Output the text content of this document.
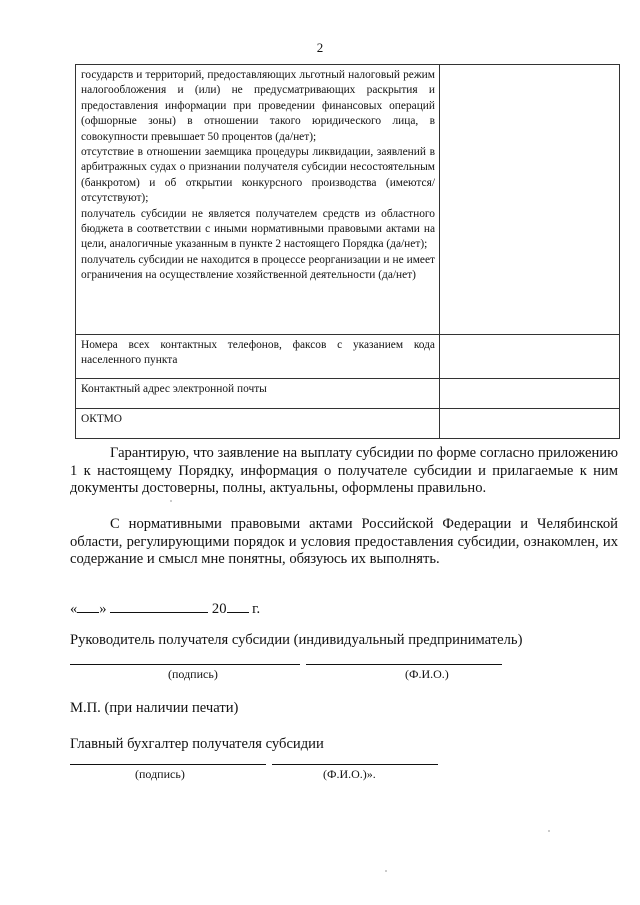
2
государств и территорий, предоставляющих льготный налоговый режим налогообложения и (или) не предусматривающих раскрытия и предоставления информации при проведении финансовых операций (офшорные зоны) в отношении такого юридического лица, в совокупности превышает 50 процентов (да/нет);
отсутствие в отношении заемщика процедуры ликвидации, заявлений в арбитражных судах о признании получателя субсидии несостоятельным (банкротом) и об открытии конкурсного производства (имеются/отсутствуют);
получатель субсидии не является получателем средств из областного бюджета в соответствии с иными нормативными правовыми актами на цели, аналогичные указанным в пункте 2 настоящего Порядка (да/нет);
получатель субсидии не находится в процессе реорганизации и не имеет ограничения на осуществление хозяйственной деятельности (да/нет)	

Номера всех контактных телефонов, факсов с указанием кода населенного пункта	
Контактный адрес электронной почты	
ОКТМО	
Гарантирую, что заявление на выплату субсидии по форме согласно приложению 1 к настоящему Порядку, информация о получателе субсидии и прилагаемые к ним документы достоверны, полны, актуальны, оформлены правильно.
С нормативными правовыми актами Российской Федерации и Челябинской области, регулирующими порядок и условия предоставления субсидии, ознакомлен, их содержание и смысл мне понятны, обязуюсь их выполнять.
« »	20 г.
Руководитель получателя субсидии (индивидуальный предприниматель)
(подпись)	(Ф.И.О.)
М.П. (при наличии печати)
Главный бухгалтер получателя субсидии
(подпись)	(Ф.И.О.)».
